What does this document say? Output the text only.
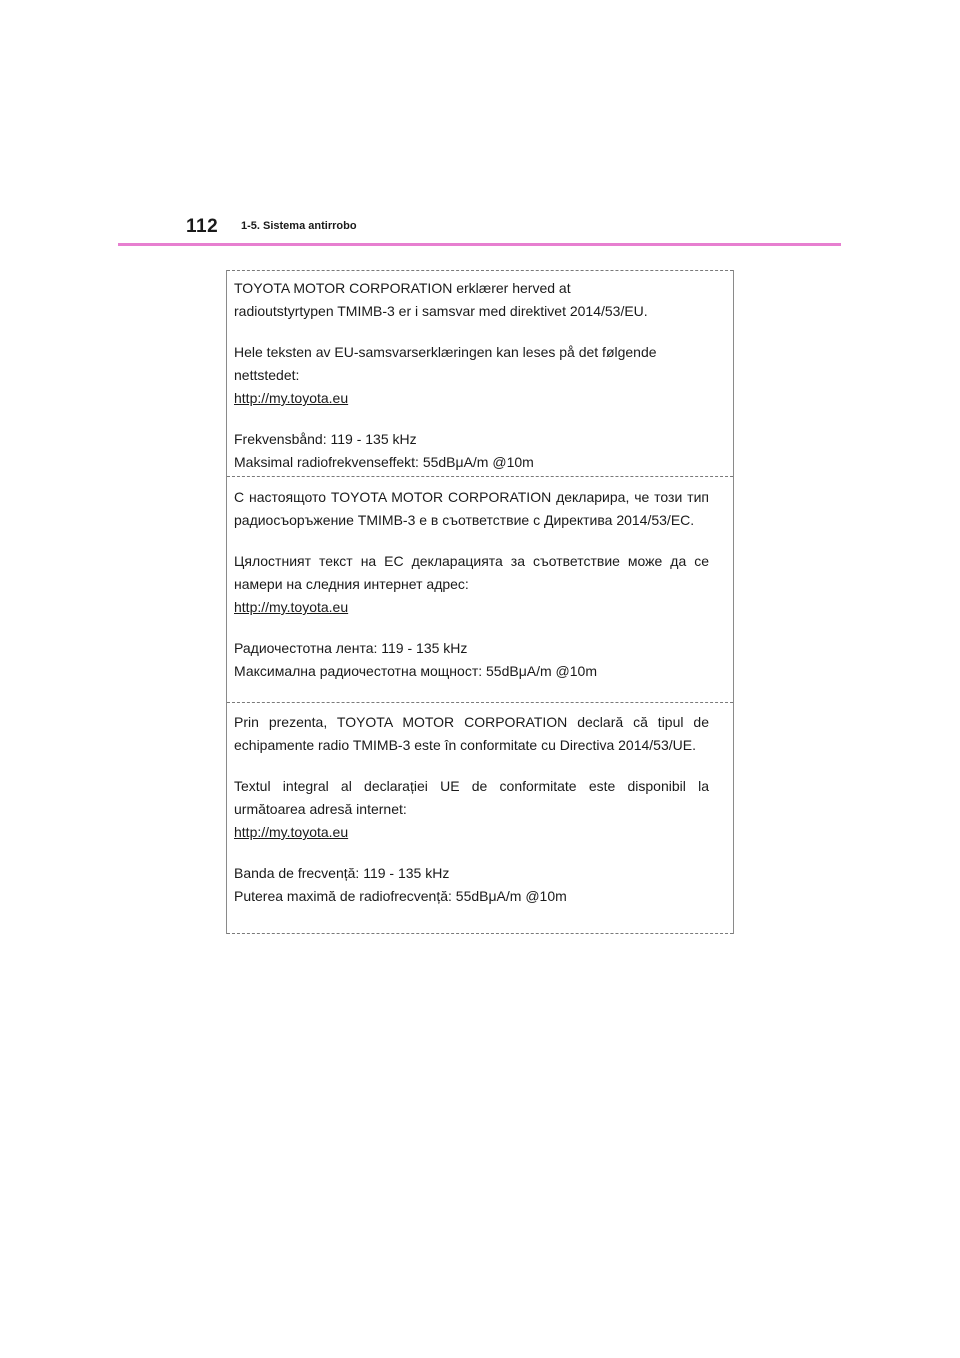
112 1-5. Sistema antirrobo

TOYOTA MOTOR CORPORATION erklærer herved at

radioutstyrtypen TMIMB-3 er i samsvar med direktivet 2014/53/EU.

Hele teksten av EU-samsvarserklæringen kan leses på det følgende

nettstedet:

http://my.toyota.eu

Frekvensbånd: 119 - 135 kHz

Maksimal radiofrekvenseffekt: 55dBμA/m @10m

С настоящото TOYOTA MOTOR CORPORATION декларира, че този тип радиосъоръжение TMIMB-3 е в съответствие с Директива 2014/53/ЕС.

Цялостният текст на ЕС декларацията за съответствие може да се намери на следния интернет адрес:

http://my.toyota.eu

Радиочестотна лента: 119 - 135 kHz

Максимална радиочестотна мощност: 55dBμA/m @10m

Prin prezenta, TOYOTA MOTOR CORPORATION declară că tipul de echipamente radio TMIMB-3 este în conformitate cu Directiva 2014/53/UE.

Textul integral al declarației UE de conformitate este disponibil la următoarea adresă internet:

http://my.toyota.eu

Banda de frecvență: 119 - 135 kHz

Puterea maximă de radiofrecvență: 55dBμA/m @10m
